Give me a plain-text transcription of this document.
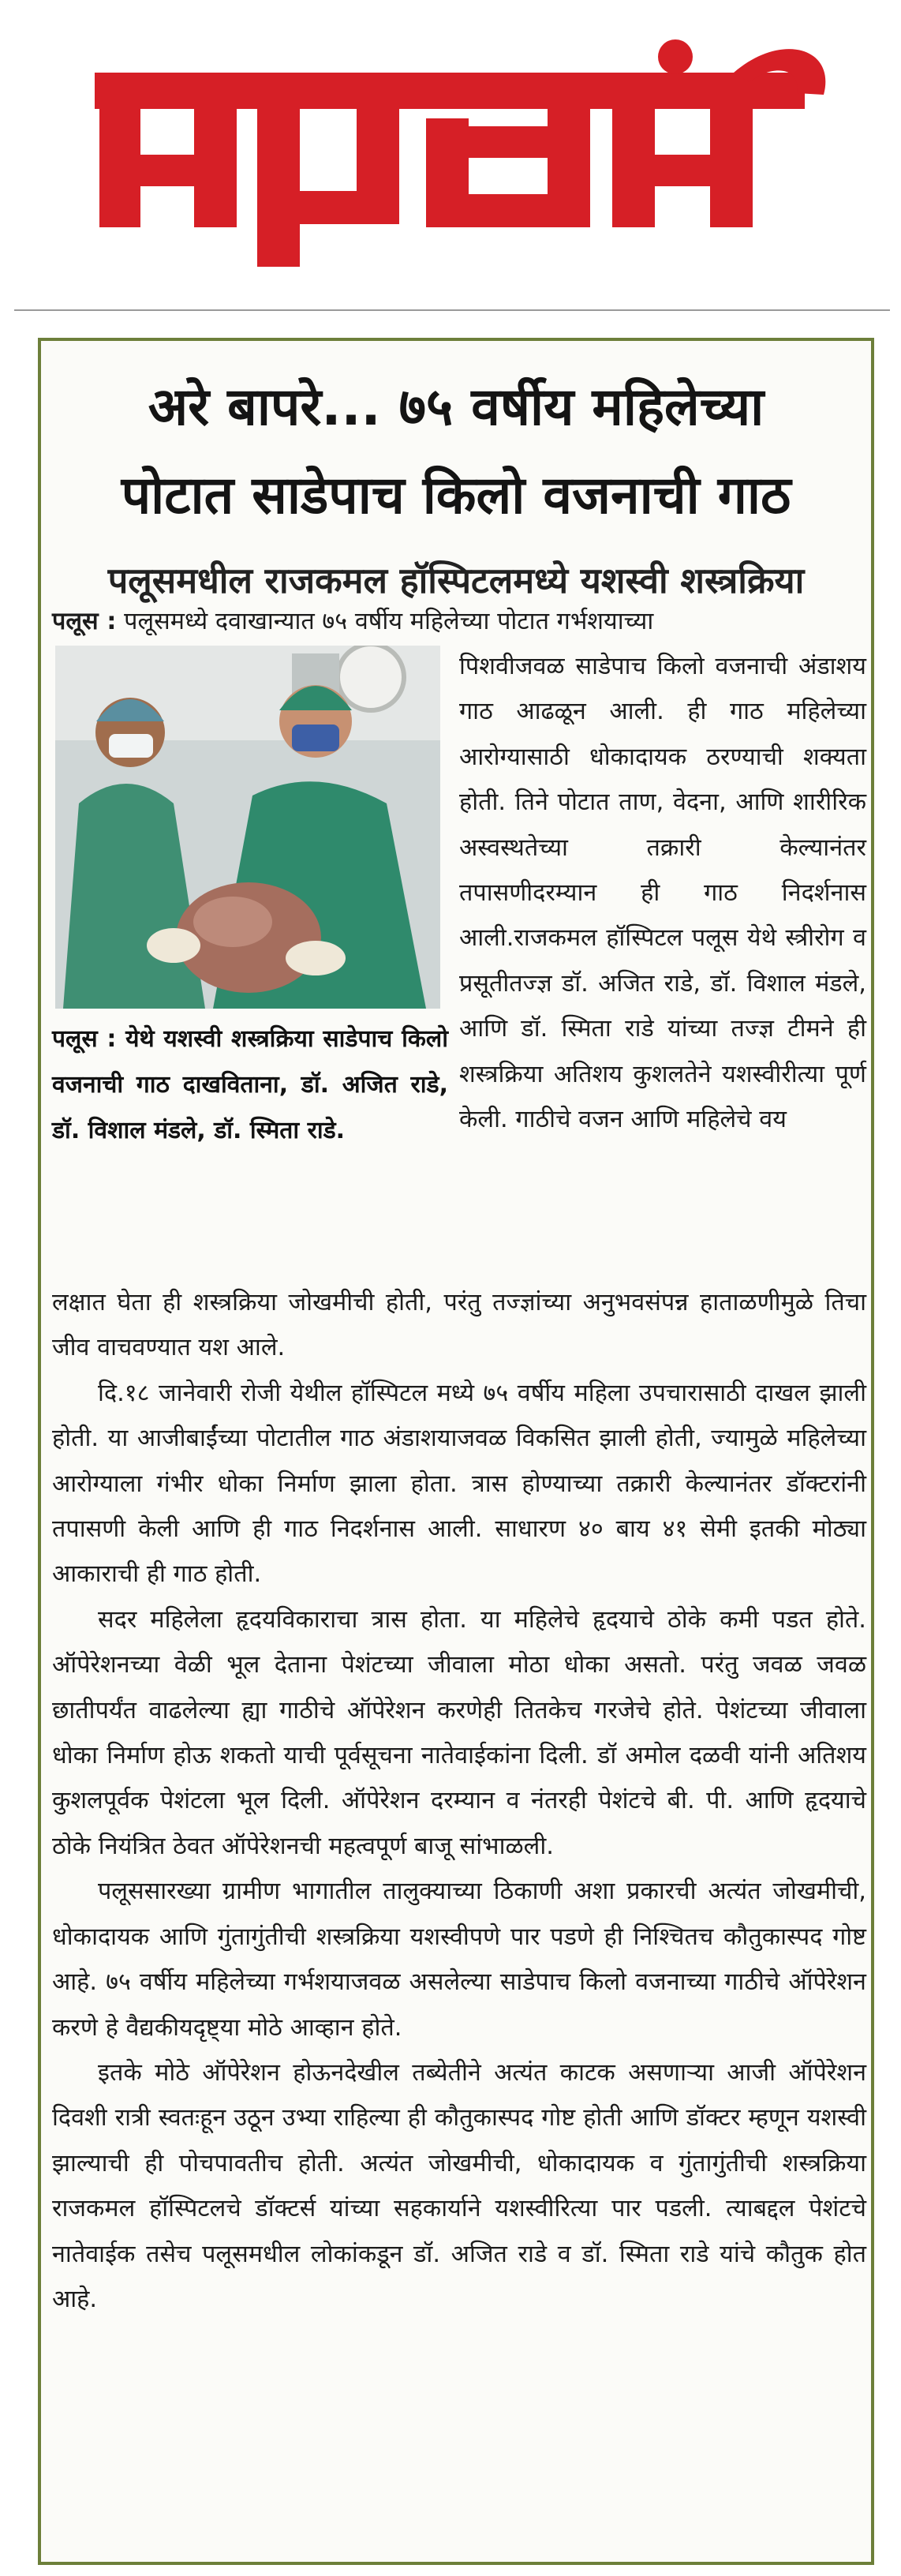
अरे बापरे... ७५ वर्षीय महिलेच्या
पोटात साडेपाच किलो वजनाची गाठ
पलूसमधील राजकमल हॉस्पिटलमध्ये यशस्वी शस्त्रक्रिया

पलूस : पलूसमध्ये दवाखान्यात ७५ वर्षीय महिलेच्या पोटात गर्भशयाच्या

पलूस : येथे यशस्वी शस्त्रक्रिया साडेपाच किलो वजनाची गाठ दाखविताना, डॉ. अजित राडे, डॉ. विशाल मंडले, डॉ. स्मिता राडे.

पिशवीजवळ साडेपाच किलो वजनाची अंडाशय गाठ आढळून आली. ही गाठ महिलेच्या आरोग्यासाठी धोकादायक ठरण्याची शक्यता होती. तिने पोटात ताण, वेदना, आणि शारीरिक अस्वस्थतेच्या तक्रारी केल्यानंतर तपासणीदरम्यान ही गाठ निदर्शनास आली.राजकमल हॉस्पिटल पलूस येथे स्त्रीरोग व प्रसूतीतज्ज्ञ डॉ. अजित राडे, डॉ. विशाल मंडले, आणि डॉ. स्मिता राडे यांच्या तज्ज्ञ टीमने ही शस्त्रक्रिया अतिशय कुशलतेने यशस्वीरीत्या पूर्ण केली. गाठीचे वजन आणि महिलेचे वय

लक्षात घेता ही शस्त्रक्रिया जोखमीची होती, परंतु तज्ज्ञांच्या अनुभवसंपन्न हाताळणीमुळे तिचा जीव वाचवण्यात यश आले.

दि.१८ जानेवारी रोजी येथील हॉस्पिटल मध्ये ७५ वर्षीय महिला उपचारासाठी दाखल झाली होती. या आजीबाईंच्या पोटातील गाठ अंडाशयाजवळ विकसित झाली होती, ज्यामुळे महिलेच्या आरोग्याला गंभीर धोका निर्माण झाला होता. त्रास होण्याच्या तक्रारी केल्यानंतर डॉक्टरांनी तपासणी केली आणि ही गाठ निदर्शनास आली. साधारण ४० बाय ४१ सेमी इतकी मोठ्या आकाराची ही गाठ होती.

सदर महिलेला हृदयविकाराचा त्रास होता. या महिलेचे हृदयाचे ठोके कमी पडत होते. ऑपेरेशनच्या वेळी भूल देताना पेशंटच्या जीवाला मोठा धोका असतो. परंतु जवळ जवळ छातीपर्यंत वाढलेल्या ह्या गाठीचे ऑपेरेशन करणेही तितकेच गरजेचे होते. पेशंटच्या जीवाला धोका निर्माण होऊ शकतो याची पूर्वसूचना नातेवाईकांना दिली. डॉ अमोल दळवी यांनी अतिशय कुशलपूर्वक पेशंटला भूल दिली. ऑपेरेशन दरम्यान व नंतरही पेशंटचे बी. पी. आणि हृदयाचे ठोके नियंत्रित ठेवत ऑपेरेशनची महत्वपूर्ण बाजू सांभाळली.

पलूससारख्या ग्रामीण भागातील तालुक्याच्या ठिकाणी अशा प्रकारची अत्यंत जोखमीची, धोकादायक आणि गुंतागुंतीची शस्त्रक्रिया यशस्वीपणे पार पडणे ही निश्चितच कौतुकास्पद गोष्ट आहे. ७५ वर्षीय महिलेच्या गर्भशयाजवळ असलेल्या साडेपाच किलो वजनाच्या गाठीचे ऑपेरेशन करणे हे वैद्यकीयदृष्ट्या मोठे आव्हान होते.

इतके मोठे ऑपेरेशन होऊनदेखील तब्येतीने अत्यंत काटक असणाऱ्या आजी ऑपेरेशन दिवशी रात्री स्वतःहून उठून उभ्या राहिल्या ही कौतुकास्पद गोष्ट होती आणि डॉक्टर म्हणून यशस्वी झाल्याची ही पोचपावतीच होती. अत्यंत जोखमीची, धोकादायक व गुंतागुंतीची शस्त्रक्रिया राजकमल हॉस्पिटलचे डॉक्टर्स यांच्या सहकार्याने यशस्वीरित्या पार पडली. त्याबद्दल पेशंटचे नातेवाईक तसेच पलूसमधील लोकांकडून डॉ. अजित राडे व डॉ. स्मिता राडे यांचे कौतुक होत आहे.
